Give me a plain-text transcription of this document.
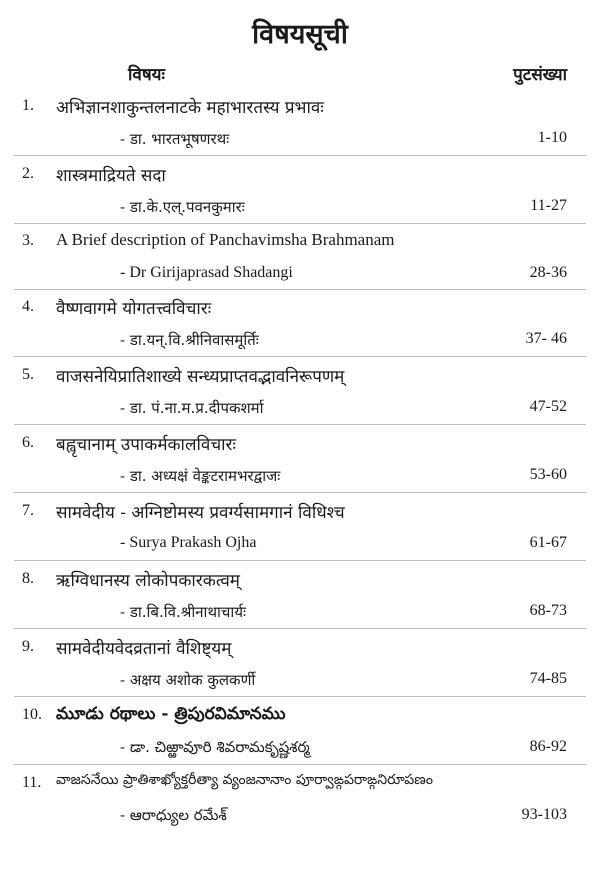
विषयसूची
विषयः	पुटसंख्या
1. अभिज्ञानशाकुन्तलनाटके महाभारतस्य प्रभावः
- डा. भारतभूषणरथः	1-10
2. शास्त्रमाद्रियते सदा
- डा.के.एल्.पवनकुमारः	11-27
3. A Brief description of Panchavimsha Brahmanam
- Dr Girijaprasad Shadangi	28-36
4. वैष्णवागमे योगतत्त्वविचारः
- डा.यन्.वि.श्रीनिवासमूर्तिः	37- 46
5. वाजसनेयिप्रातिशाख्ये सन्ध्यप्राप्तवद्भावनिरूपणम्
- डा. पं.ना.म.प्र.दीपकशर्मा	47-52
6. बह्वृचानाम् उपाकर्मकालविचारः
- डा. अध्यक्षं वेङ्कटरामभरद्वाजः	53-60
7. सामवेदीय - अग्निष्टोमस्य प्रवर्ग्यसामगानं विधिश्च
- Surya Prakash Ojha	61-67
8. ऋग्विधानस्य लोकोपकारकत्वम्
- डा.बि.वि.श्रीनाथाचार्यः	68-73
9. सामवेदीयवेदव्रतानां वैशिष्ट्यम्
- अक्षय अशोक कुलकर्णी	74-85
10. మూడు రథాలు - త్రిపురవిమానము
- డా. చిఱ్ఱావూరి శివరామకృష్ణశర్మ	86-92
11. వాజసనేయి ప్రాతిశాఖ్యోక్తరీత్యా వ్యంజనానాం పూర్వాఙ్గపరాఙ్గనిరూపణం
- ఆరాధ్యుల రమేశ్	93-103
